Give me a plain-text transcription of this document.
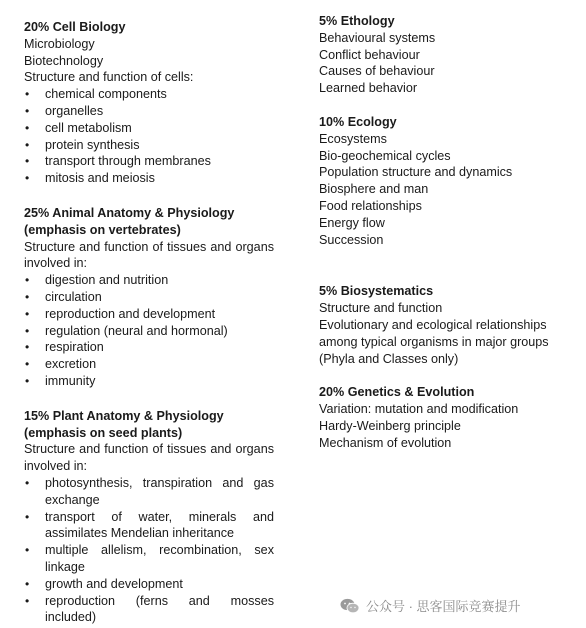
20% Cell Biology

Microbiology

Biotechnology

Structure and function of cells:

• chemical components
• organelles
• cell metabolism
• protein synthesis
• transport through membranes
• mitosis and meiosis

25% Animal Anatomy & Physiology

(emphasis on vertebrates)

Structure and function of tissues and organs involved in:

• digestion and nutrition
• circulation
• reproduction and development
• regulation (neural and hormonal)
• respiration
• excretion
• immunity

15% Plant Anatomy & Physiology

(emphasis on seed plants)

Structure and function of tissues and organs involved in:

• photosynthesis, transpiration and gas exchange
• transport of water, minerals and assimilates Mendelian inheritance
• multiple allelism, recombination, sex linkage
• growth and development
• reproduction (ferns and mosses included)

5% Ethology

Behavioural systems

Conflict behaviour

Causes of behaviour

Learned behavior

10% Ecology

Ecosystems

Bio-geochemical cycles

Population structure and dynamics

Biosphere and man

Food relationships

Energy flow

Succession

5% Biosystematics

Structure and function

Evolutionary and ecological relationships

among typical organisms in major groups

(Phyla and Classes only)

20% Genetics & Evolution

Variation: mutation and modification

Hardy-Weinberg principle

Mechanism of evolution

公众号 · 思客国际竞赛提升
